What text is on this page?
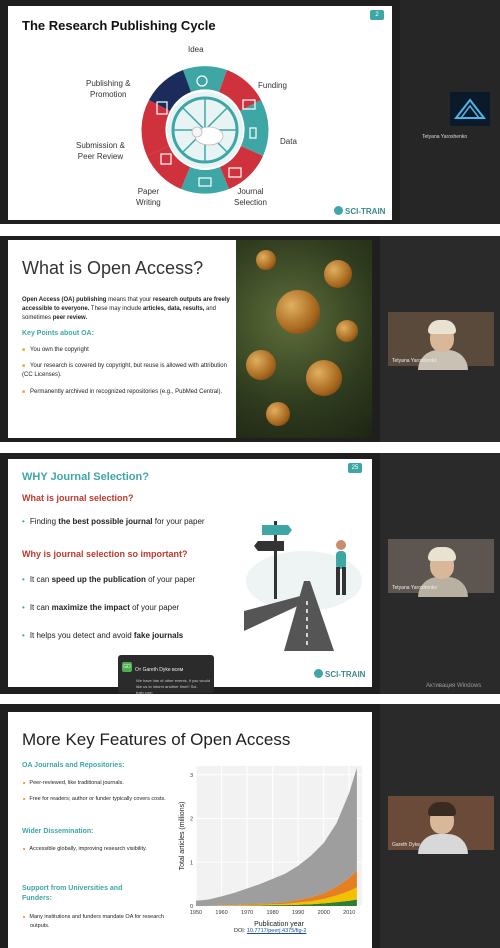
The Research Publishing Cycle
2
Idea
Funding
Data
Journal
Selection
Paper
Writing
Submission &
Peer Review
Publishing &
Promotion
SCI-TRAIN
Tetyana Yaroshenko
What is Open Access?
Open Access (OA) publishing means that your research outputs are freely accessible to everyone. These may include articles, data, results, and sometimes peer review.
Key Points about OA:
■ You own the copyright
■ Your research is covered by copyright, but reuse is allowed with attribution (CC Licenses).
■ Permanently archived in recognized repositories (e.g., PubMed Central).
Tetyana Yaroshenko
WHY Journal Selection?
25
What is journal selection?
• Finding the best possible journal for your paper
Why is journal selection so important?
• It can speed up the publication of your paper
• It can maximize the impact of your paper
• It helps you detect and avoid fake journals
SCI-TRAIN
GDОт Gareth Dyke всем
We have lots of other events, if you would like us to inform another time!! Sci-train.com
Tetyana Yaroshenko
Активация Windows
More Key Features of Open Access
OA Journals and Repositories:
■ Peer-reviewed, like traditional journals.
■ Free for readers; author or funder typically covers costs.
Wider Dissemination:
■ Accessible globally, improving research visibility.
Support from Universities and Funders:
■ Many institutions and funders mandate OA for research outputs.
0
1
2
3
1950 1960 1970 1980 1990 2000 2010
Total articles (millions)
Publication year
DOI: 10.7717/peerj.4375/fig-2
Gareth Dyke
